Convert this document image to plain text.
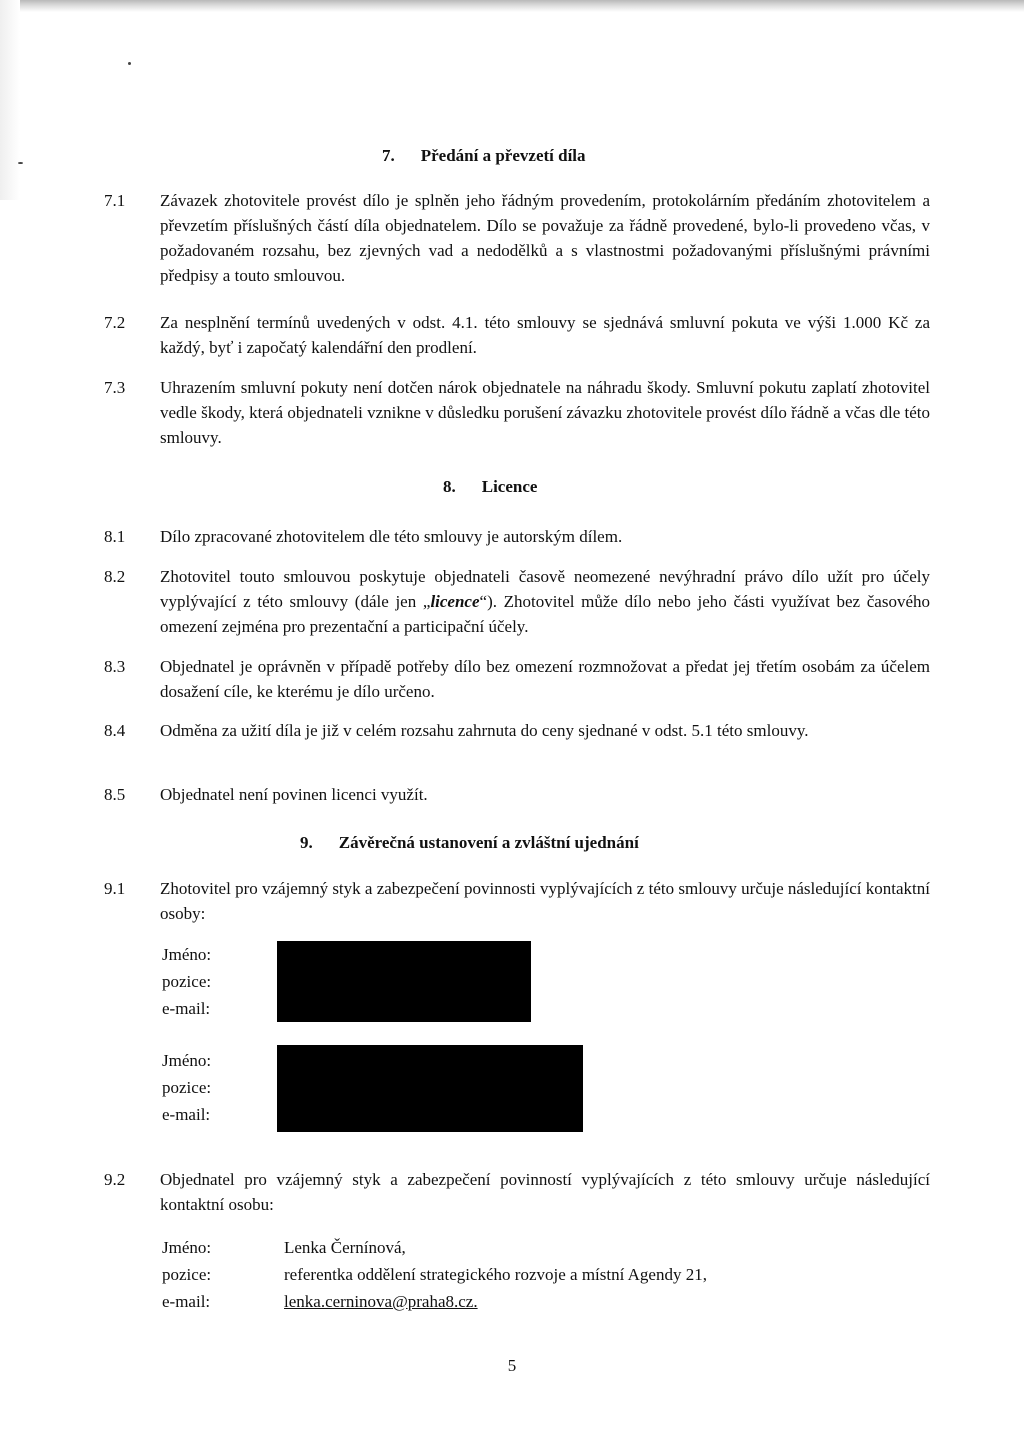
7. Předání a převzetí díla
7.1	Závazek zhotovitele provést dílo je splněn jeho řádným provedením, protokolárním předáním zhotovitelem a převzetím příslušných částí díla objednatelem. Dílo se považuje za řádně provedené, bylo-li provedeno včas, v požadovaném rozsahu, bez zjevných vad a nedodělků a s vlastnostmi požadovanými příslušnými právními předpisy a touto smlouvou.
7.2	Za nesplnění termínů uvedených v odst. 4.1. této smlouvy se sjednává smluvní pokuta ve výši 1.000 Kč za každý, byť i započatý kalendářní den prodlení.
7.3	Uhrazením smluvní pokuty není dotčen nárok objednatele na náhradu škody. Smluvní pokutu zaplatí zhotovitel vedle škody, která objednateli vznikne v důsledku porušení závazku zhotovitele provést dílo řádně a včas dle této smlouvy.
8. Licence
8.1	Dílo zpracované zhotovitelem dle této smlouvy je autorským dílem.
8.2	Zhotovitel touto smlouvou poskytuje objednateli časově neomezené nevýhradní právo dílo užít pro účely vyplývající z této smlouvy (dále jen „licence“). Zhotovitel může dílo nebo jeho části využívat bez časového omezení zejména pro prezentační a participační účely.
8.3	Objednatel je oprávněn v případě potřeby dílo bez omezení rozmnožovat a předat jej třetím osobám za účelem dosažení cíle, ke kterému je dílo určeno.
8.4	Odměna za užití díla je již v celém rozsahu zahrnuta do ceny sjednané v odst. 5.1 této smlouvy.
8.5	Objednatel není povinen licenci využít.
9. Závěrečná ustanovení a zvláštní ujednání
9.1	Zhotovitel pro vzájemný styk a zabezpečení povinnosti vyplývajících z této smlouvy určuje následující kontaktní osoby:
Jméno:
pozice:
e-mail:
Jméno:
pozice:
e-mail:
9.2	Objednatel pro vzájemný styk a zabezpečení povinností vyplývajících z této smlouvy určuje následující kontaktní osobu:
Jméno:	Lenka Černínová,
pozice:	referentka oddělení strategického rozvoje a místní Agendy 21,
e-mail:	lenka.cerninova@praha8.cz.
5
